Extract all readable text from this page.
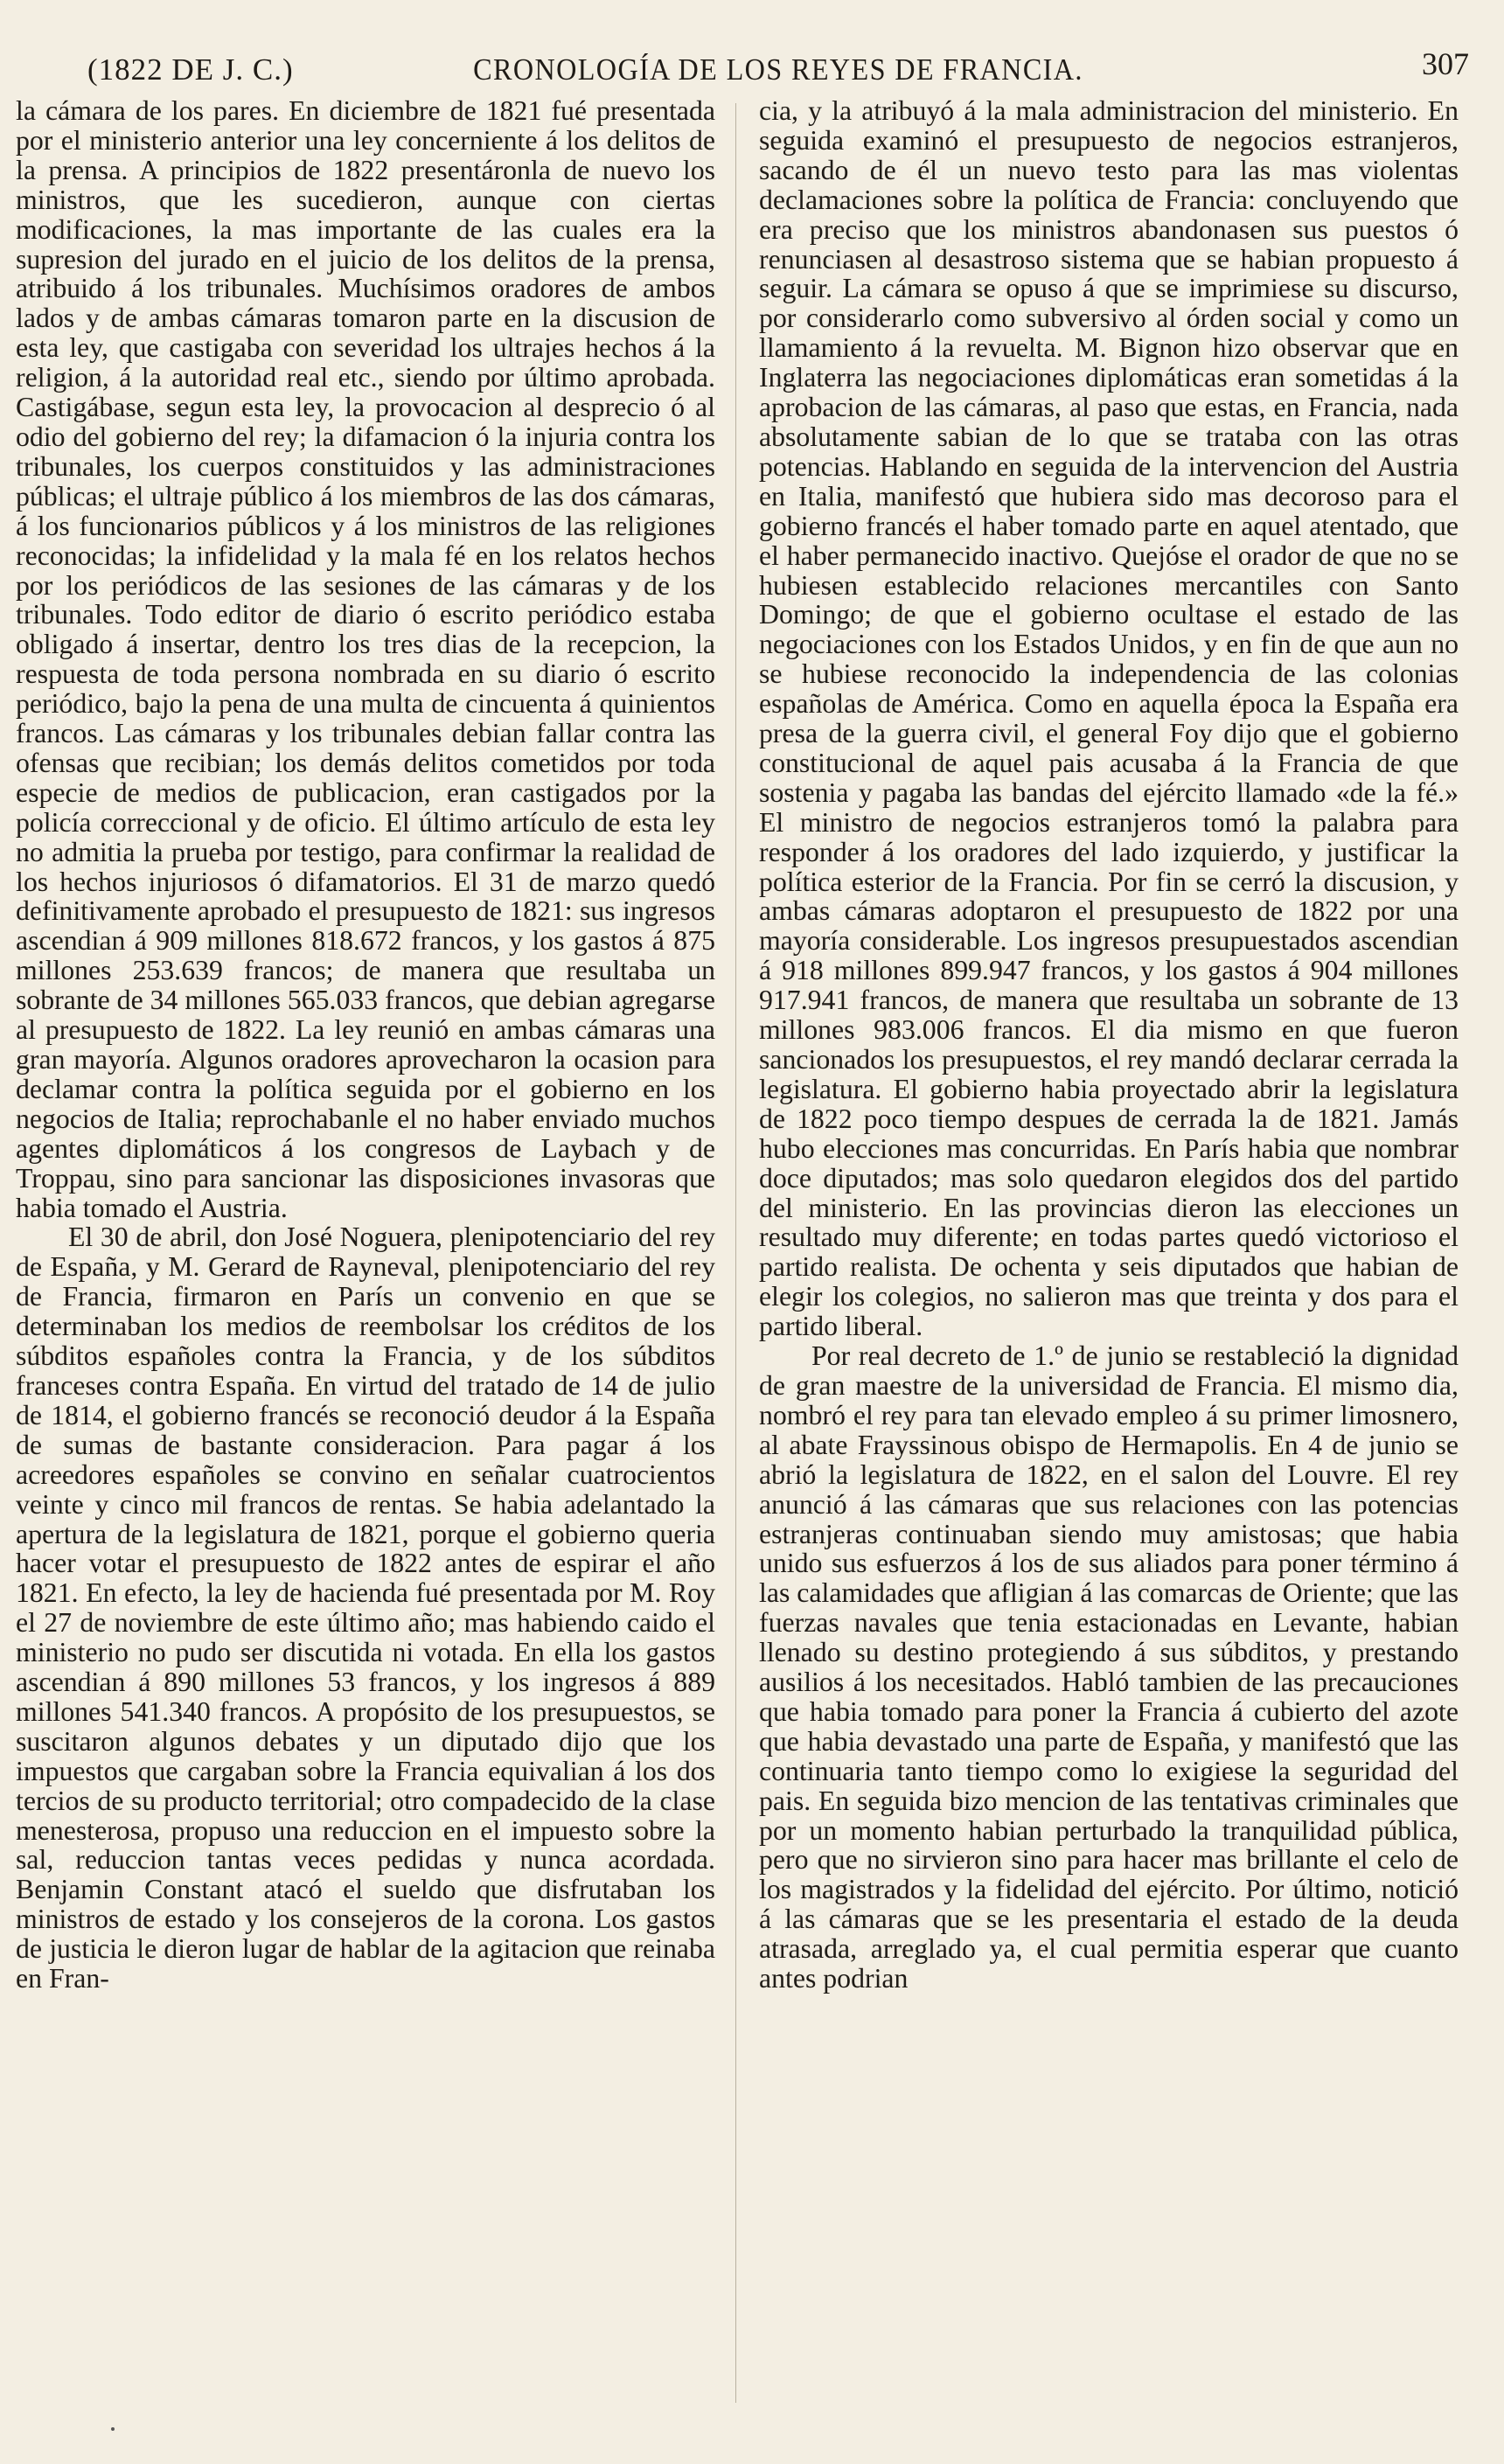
(1822 DE J. C.)	CRONOLOGÍA DE LOS REYES DE FRANCIA.	307

la cámara de los pares. En diciembre de 1821 fué presentada por el ministerio anterior una ley concerniente á los delitos de la prensa. A principios de 1822 presentáronla de nuevo los ministros, que les sucedieron, aunque con ciertas modificaciones, la mas importante de las cuales era la supresion del jurado en el juicio de los delitos de la prensa, atribuido á los tribunales. Muchísimos oradores de ambos lados y de ambas cámaras tomaron parte en la discusion de esta ley, que castigaba con severidad los ultrajes hechos á la religion, á la autoridad real etc., siendo por último aprobada. Castigábase, segun esta ley, la provocacion al desprecio ó al odio del gobierno del rey; la difamacion ó la injuria contra los tribunales, los cuerpos constituidos y las administraciones públicas; el ultraje público á los miembros de las dos cámaras, á los funcionarios públicos y á los ministros de las religiones reconocidas; la infidelidad y la mala fé en los relatos hechos por los periódicos de las sesiones de las cámaras y de los tribunales. Todo editor de diario ó escrito periódico estaba obligado á insertar, dentro los tres dias de la recepcion, la respuesta de toda persona nombrada en su diario ó escrito periódico, bajo la pena de una multa de cincuenta á quinientos francos. Las cámaras y los tribunales debian fallar contra las ofensas que recibian; los demás delitos cometidos por toda especie de medios de publicacion, eran castigados por la policía correccional y de oficio. El último artículo de esta ley no admitia la prueba por testigo, para confirmar la realidad de los hechos injuriosos ó difamatorios. El 31 de marzo quedó definitivamente aprobado el presupuesto de 1821: sus ingresos ascendian á 909 millones 818.672 francos, y los gastos á 875 millones 253.639 francos; de manera que resultaba un sobrante de 34 millones 565.033 francos, que debian agregarse al presupuesto de 1822. La ley reunió en ambas cámaras una gran mayoría. Algunos oradores aprovecharon la ocasion para declamar contra la política seguida por el gobierno en los negocios de Italia; reprochabanle el no haber enviado muchos agentes diplomáticos á los congresos de Laybach y de Troppau, sino para sancionar las disposiciones invasoras que habia tomado el Austria.

El 30 de abril, don José Noguera, plenipotenciario del rey de España, y M. Gerard de Rayneval, plenipotenciario del rey de Francia, firmaron en París un convenio en que se determinaban los medios de reembolsar los créditos de los súbditos españoles contra la Francia, y de los súbditos franceses contra España. En virtud del tratado de 14 de julio de 1814, el gobierno francés se reconoció deudor á la España de sumas de bastante consideracion. Para pagar á los acreedores españoles se convino en señalar cuatrocientos veinte y cinco mil francos de rentas. Se habia adelantado la apertura de la legislatura de 1821, porque el gobierno queria hacer votar el presupuesto de 1822 antes de espirar el año 1821. En efecto, la ley de hacienda fué presentada por M. Roy el 27 de noviembre de este último año; mas habiendo caido el ministerio no pudo ser discutida ni votada. En ella los gastos ascendian á 890 millones 53 francos, y los ingresos á 889 millones 541.340 francos. A propósito de los presupuestos, se suscitaron algunos debates y un diputado dijo que los impuestos que cargaban sobre la Francia equivalian á los dos tercios de su producto territorial; otro compadecido de la clase menesterosa, propuso una reduccion en el impuesto sobre la sal, reduccion tantas veces pedidas y nunca acordada. Benjamin Constant atacó el sueldo que disfrutaban los ministros de estado y los consejeros de la corona. Los gastos de justicia le dieron lugar de hablar de la agitacion que reinaba en Fran-

cia, y la atribuyó á la mala administracion del ministerio. En seguida examinó el presupuesto de negocios estranjeros, sacando de él un nuevo testo para las mas violentas declamaciones sobre la política de Francia: concluyendo que era preciso que los ministros abandonasen sus puestos ó renunciasen al desastroso sistema que se habian propuesto á seguir. La cámara se opuso á que se imprimiese su discurso, por considerarlo como subversivo al órden social y como un llamamiento á la revuelta. M. Bignon hizo observar que en Inglaterra las negociaciones diplomáticas eran sometidas á la aprobacion de las cámaras, al paso que estas, en Francia, nada absolutamente sabian de lo que se trataba con las otras potencias. Hablando en seguida de la intervencion del Austria en Italia, manifestó que hubiera sido mas decoroso para el gobierno francés el haber tomado parte en aquel atentado, que el haber permanecido inactivo. Quejóse el orador de que no se hubiesen establecido relaciones mercantiles con Santo Domingo; de que el gobierno ocultase el estado de las negociaciones con los Estados Unidos, y en fin de que aun no se hubiese reconocido la independencia de las colonias españolas de América. Como en aquella época la España era presa de la guerra civil, el general Foy dijo que el gobierno constitucional de aquel pais acusaba á la Francia de que sostenia y pagaba las bandas del ejército llamado «de la fé.» El ministro de negocios estranjeros tomó la palabra para responder á los oradores del lado izquierdo, y justificar la política esterior de la Francia. Por fin se cerró la discusion, y ambas cámaras adoptaron el presupuesto de 1822 por una mayoría considerable. Los ingresos presupuestados ascendian á 918 millones 899.947 francos, y los gastos á 904 millones 917.941 francos, de manera que resultaba un sobrante de 13 millones 983.006 francos. El dia mismo en que fueron sancionados los presupuestos, el rey mandó declarar cerrada la legislatura. El gobierno habia proyectado abrir la legislatura de 1822 poco tiempo despues de cerrada la de 1821. Jamás hubo elecciones mas concurridas. En París habia que nombrar doce diputados; mas solo quedaron elegidos dos del partido del ministerio. En las provincias dieron las elecciones un resultado muy diferente; en todas partes quedó victorioso el partido realista. De ochenta y seis diputados que habian de elegir los colegios, no salieron mas que treinta y dos para el partido liberal.

Por real decreto de 1.º de junio se restableció la dignidad de gran maestre de la universidad de Francia. El mismo dia, nombró el rey para tan elevado empleo á su primer limosnero, al abate Frayssinous obispo de Hermapolis. En 4 de junio se abrió la legislatura de 1822, en el salon del Louvre. El rey anunció á las cámaras que sus relaciones con las potencias estranjeras continuaban siendo muy amistosas; que habia unido sus esfuerzos á los de sus aliados para poner término á las calamidades que afligian á las comarcas de Oriente; que las fuerzas navales que tenia estacionadas en Levante, habian llenado su destino protegiendo á sus súbditos, y prestando ausilios á los necesitados. Habló tambien de las precauciones que habia tomado para poner la Francia á cubierto del azote que habia devastado una parte de España, y manifestó que las continuaria tanto tiempo como lo exigiese la seguridad del pais. En seguida bizo mencion de las tentativas criminales que por un momento habian perturbado la tranquilidad pública, pero que no sirvieron sino para hacer mas brillante el celo de los magistrados y la fidelidad del ejército. Por último, notició á las cámaras que se les presentaria el estado de la deuda atrasada, arreglado ya, el cual permitia esperar que cuanto antes podrian
